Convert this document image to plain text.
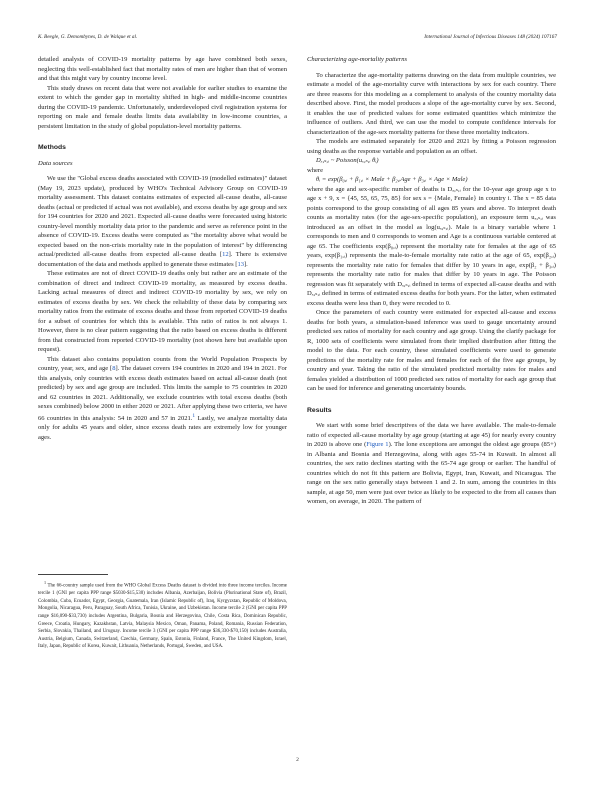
K. Beegle, G. Demombynes, D. de Walque et al.	International Journal of Infectious Diseases 148 (2024) 107167

detailed analysis of COVID-19 mortality patterns by age have combined both sexes, neglecting this well-established fact that mortality rates of men are higher than that of women and that this might vary by country income level.

This study draws on recent data that were not available for earlier studies to examine the extent to which the gender gap in mortality shifted in high- and middle-income countries during the COVID-19 pandemic. Unfortunately, underdeveloped civil registration systems for reporting on male and female deaths limits data availability in low-income countries, a persistent limitation in the study of global population-level mortality patterns.

Methods
Data sources

We use the "Global excess deaths associated with COVID-19 (modelled estimates)" dataset (May 19, 2023 update), produced by WHO's Technical Advisory Group on COVID-19 mortality assessment. This dataset contains estimates of expected all-cause deaths, all-cause deaths (actual or predicted if actual was not available), and excess deaths by age group and sex for 194 countries for 2020 and 2021. Expected all-cause deaths were forecasted using historic country-level monthly mortality data prior to the pandemic and serve as reference point in the absence of COVID-19. Excess deaths were computed as "the mortality above what would be expected based on the non-crisis mortality rate in the population of interest" by differencing actual/predicted all-cause deaths from expected all-cause deaths [12]. There is extensive documentation of the data and methods applied to generate these estimates [13].

These estimates are not of direct COVID-19 deaths only but rather are an estimate of the combination of direct and indirect COVID-19 mortality, as measured by excess deaths. Lacking actual measures of direct and indirect COVID-19 mortality by sex, we rely on estimates of excess deaths by sex. We check the reliability of these data by comparing sex mortality ratios from the estimate of excess deaths and those from reported COVID-19 deaths for a subset of countries for which this is available. This ratio of ratios is not always 1. However, there is no clear pattern suggesting that the ratio based on excess deaths is different from that constructed from reported COVID-19 mortality (not shown here but available upon request).

This dataset also contains population counts from the World Population Prospects by country, year, sex, and age [8]. The dataset covers 194 countries in 2020 and 194 in 2021. For this analysis, only countries with excess death estimates based on actual all-cause death (not predicted) by sex and age group are included. This limits the sample to 75 countries in 2020 and 62 countries in 2021. Additionally, we exclude countries with total excess deaths (both sexes combined) below 2000 in either 2020 or 2021. After applying these two criteria, we have 66 countries in this analysis: 54 in 2020 and 57 in 2021.$^1$ Lastly, we analyze mortality data only for adults 45 years and older, since excess death rates are extremely low for younger ages.

$^1$ The 66-country sample used from the WHO Global Excess Deaths dataset is divided into three income terciles. Income tercile 1 (GNI per capita PPP range $5030-$15,530) includes Albania, Azerbaijan, Bolivia (Plurinational State of), Brazil, Colombia, Cuba, Ecuador, Egypt, Georgia, Guatemala, Iran (Islamic Republic of), Iraq, Kyrgyzstan, Republic of Moldova, Mongolia, Nicaragua, Peru, Paraguay, South Africa, Tunisia, Ukraine, and Uzbekistan. Income tercile 2 (GNI per capita PPP range $16,090-$33,730) includes Argentina, Bulgaria, Bosnia and Herzegovina, Chile, Costa Rica, Dominican Republic, Greece, Croatia, Hungary, Kazakhstan, Latvia, Malaysia Mexico, Oman, Panama, Poland, Romania, Russian Federation, Serbia, Slovakia, Thailand, and Uruguay. Income tercile 3 (GNI per capita PPP range $36,330-$70,150) includes Australia, Austria, Belgium, Canada, Switzerland, Czechia, Germany, Spain, Estonia, Finland, France, The United Kingdom, Israel, Italy, Japan, Republic of Korea, Kuwait, Lithuania, Netherlands, Portugal, Sweden, and USA.

Characterizing age-mortality patterns

To characterize the age-mortality patterns drawing on the data from multiple countries, we estimate a model of the age-mortality curve with interactions by sex for each country. There are three reasons for this modeling as a complement to analysis of the country mortality data described above. First, the model produces a slope of the age-mortality curve by sex. Second, it enables the use of predicted values for some estimated quantities which minimize the influence of outliers. And third, we can use the model to compute confidence intervals for characterization of the age-sex mortality patterns for these three mortality indicators.

The models are estimated separately for 2020 and 2021 by fitting a Poisson regression using deaths as the response variable and population as an offset.

Dₓ,ₛ,ᵢ ~ Poisson(uₓ,ₛ,ᵢ θᵢ)

where

θᵢ = exp(β₀,ᵢ + β₁,ᵢ × Male + β₂,ᵢAge + β₃,ᵢ × Age × Male)

where the age and sex-specific number of deaths is Dₓ,ₛ,ᵢ for the 10-year age group age x to age x + 9, x = {45, 55, 65, 75, 85} for sex s = {Male, Female} in country i. The x = 85 data points correspond to the group consisting of all ages 85 years and above. To interpret death counts as mortality rates (for the age-sex-specific population), an exposure term uₓ,ₛ,ᵢ was introduced as an offset in the model as log(uₓ,ₛ,ᵢ). Male is a binary variable where 1 corresponds to men and 0 corresponds to women and Age is a continuous variable centered at age 65. The coefficients exp(β₀,ᵢ) represent the mortality rate for females at the age of 65 years, exp(β₁,ᵢ) represents the male-to-female mortality rate ratio at the age of 65, exp(β₂,ᵢ) represents the mortality rate ratio for females that differ by 10 years in age, exp(β₂ + β₃,ᵢ) represents the mortality rate ratio for males that differ by 10 years in age. The Poisson regression was fit separately with Dₓ,ₛ,ᵢ defined in terms of expected all-cause deaths and with Dₓ,ₛ,ᵢ defined in terms of estimated excess deaths for both years. For the latter, when estimated excess deaths were less than 0, they were recoded to 0.

Once the parameters of each country were estimated for expected all-cause and excess deaths for both years, a simulation-based inference was used to gauge uncertainty around predicted sex ratios of mortality for each country and age group. Using the clarify package for R, 1000 sets of coefficients were simulated from their implied distribution after fitting the model to the data. For each country, these simulated coefficients were used to generate predictions of the mortality rate for males and females for each of the five age groups, by country and year. Taking the ratio of the simulated predicted mortality rates for males and females yielded a distribution of 1000 predicted sex ratios of mortality for each age group that can be used for inference and generating uncertainty bounds.

Results

We start with some brief descriptives of the data we have available. The male-to-female ratio of expected all-cause mortality by age group (starting at age 45) for nearly every country in 2020 is above one (Figure 1). The lone exceptions are amongst the oldest age groups (85+) in Albania and Bosnia and Herzegovina, along with ages 55-74 in Kuwait. In almost all countries, the sex ratio declines starting with the 65-74 age group or earlier. The handful of countries which do not fit this pattern are Bolivia, Egypt, Iran, Kuwait, and Nicaragua. The range on the sex ratio generally stays between 1 and 2. In sum, among the countries in this sample, at age 50, men were just over twice as likely to be expected to die from all causes than women, on average, in 2020. The pattern of

2
